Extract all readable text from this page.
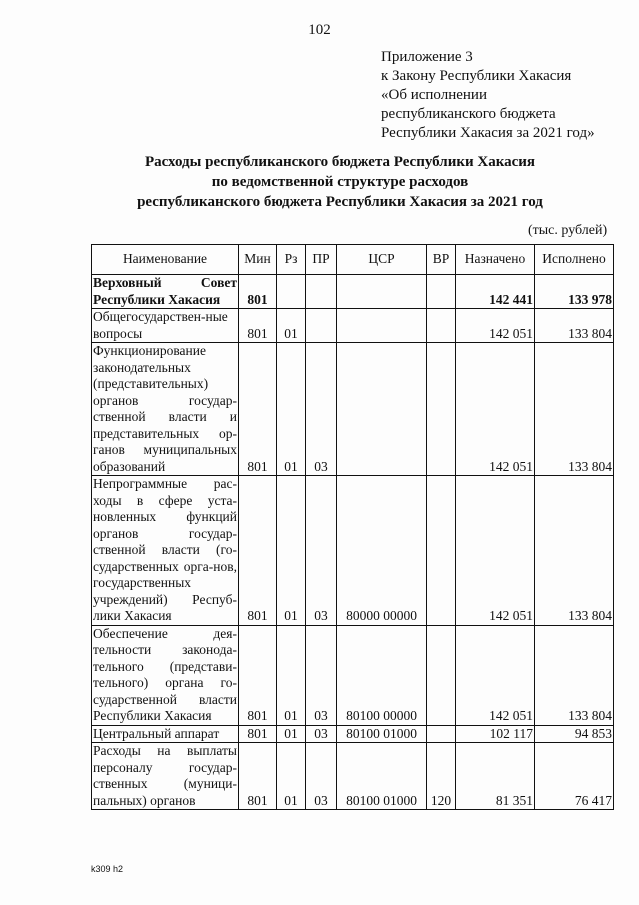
102
Приложение 3
к Закону Республики Хакасия
«Об исполнении
республиканского бюджета
Республики Хакасия за 2021 год»
Расходы республиканского бюджета Республики Хакасия
по ведомственной структуре расходов
республиканского бюджета Республики Хакасия за 2021 год
(тыс. рублей)
Наименование	Мин	Рз	ПР	ЦСР	ВР	Назначено	Исполнено
Верховный Совет Республики Хакасия	801					142 441	133 978
Общегосударствен-ные вопросы	801	01				142 051	133 804
Функционирование законодательных (представительных) органов государ-ственной власти и представительных ор-ганов муниципальных образований	801	01	03			142 051	133 804
Непрограммные рас-ходы в сфере уста-новленных функций органов государ-ственной власти (го-сударственных орга-нов, государственных учреждений) Респуб-лики Хакасия	801	01	03	80000 00000		142 051	133 804
Обеспечение дея-тельности законода-тельного (представи-тельного) органа го-сударственной власти Республики Хакасия	801	01	03	80100 00000		142 051	133 804
Центральный аппарат	801	01	03	80100 01000		102 117	94 853
Расходы на выплаты персоналу государ-ственных (муници-пальных) органов	801	01	03	80100 01000	120	81 351	76 417
k309 h2
